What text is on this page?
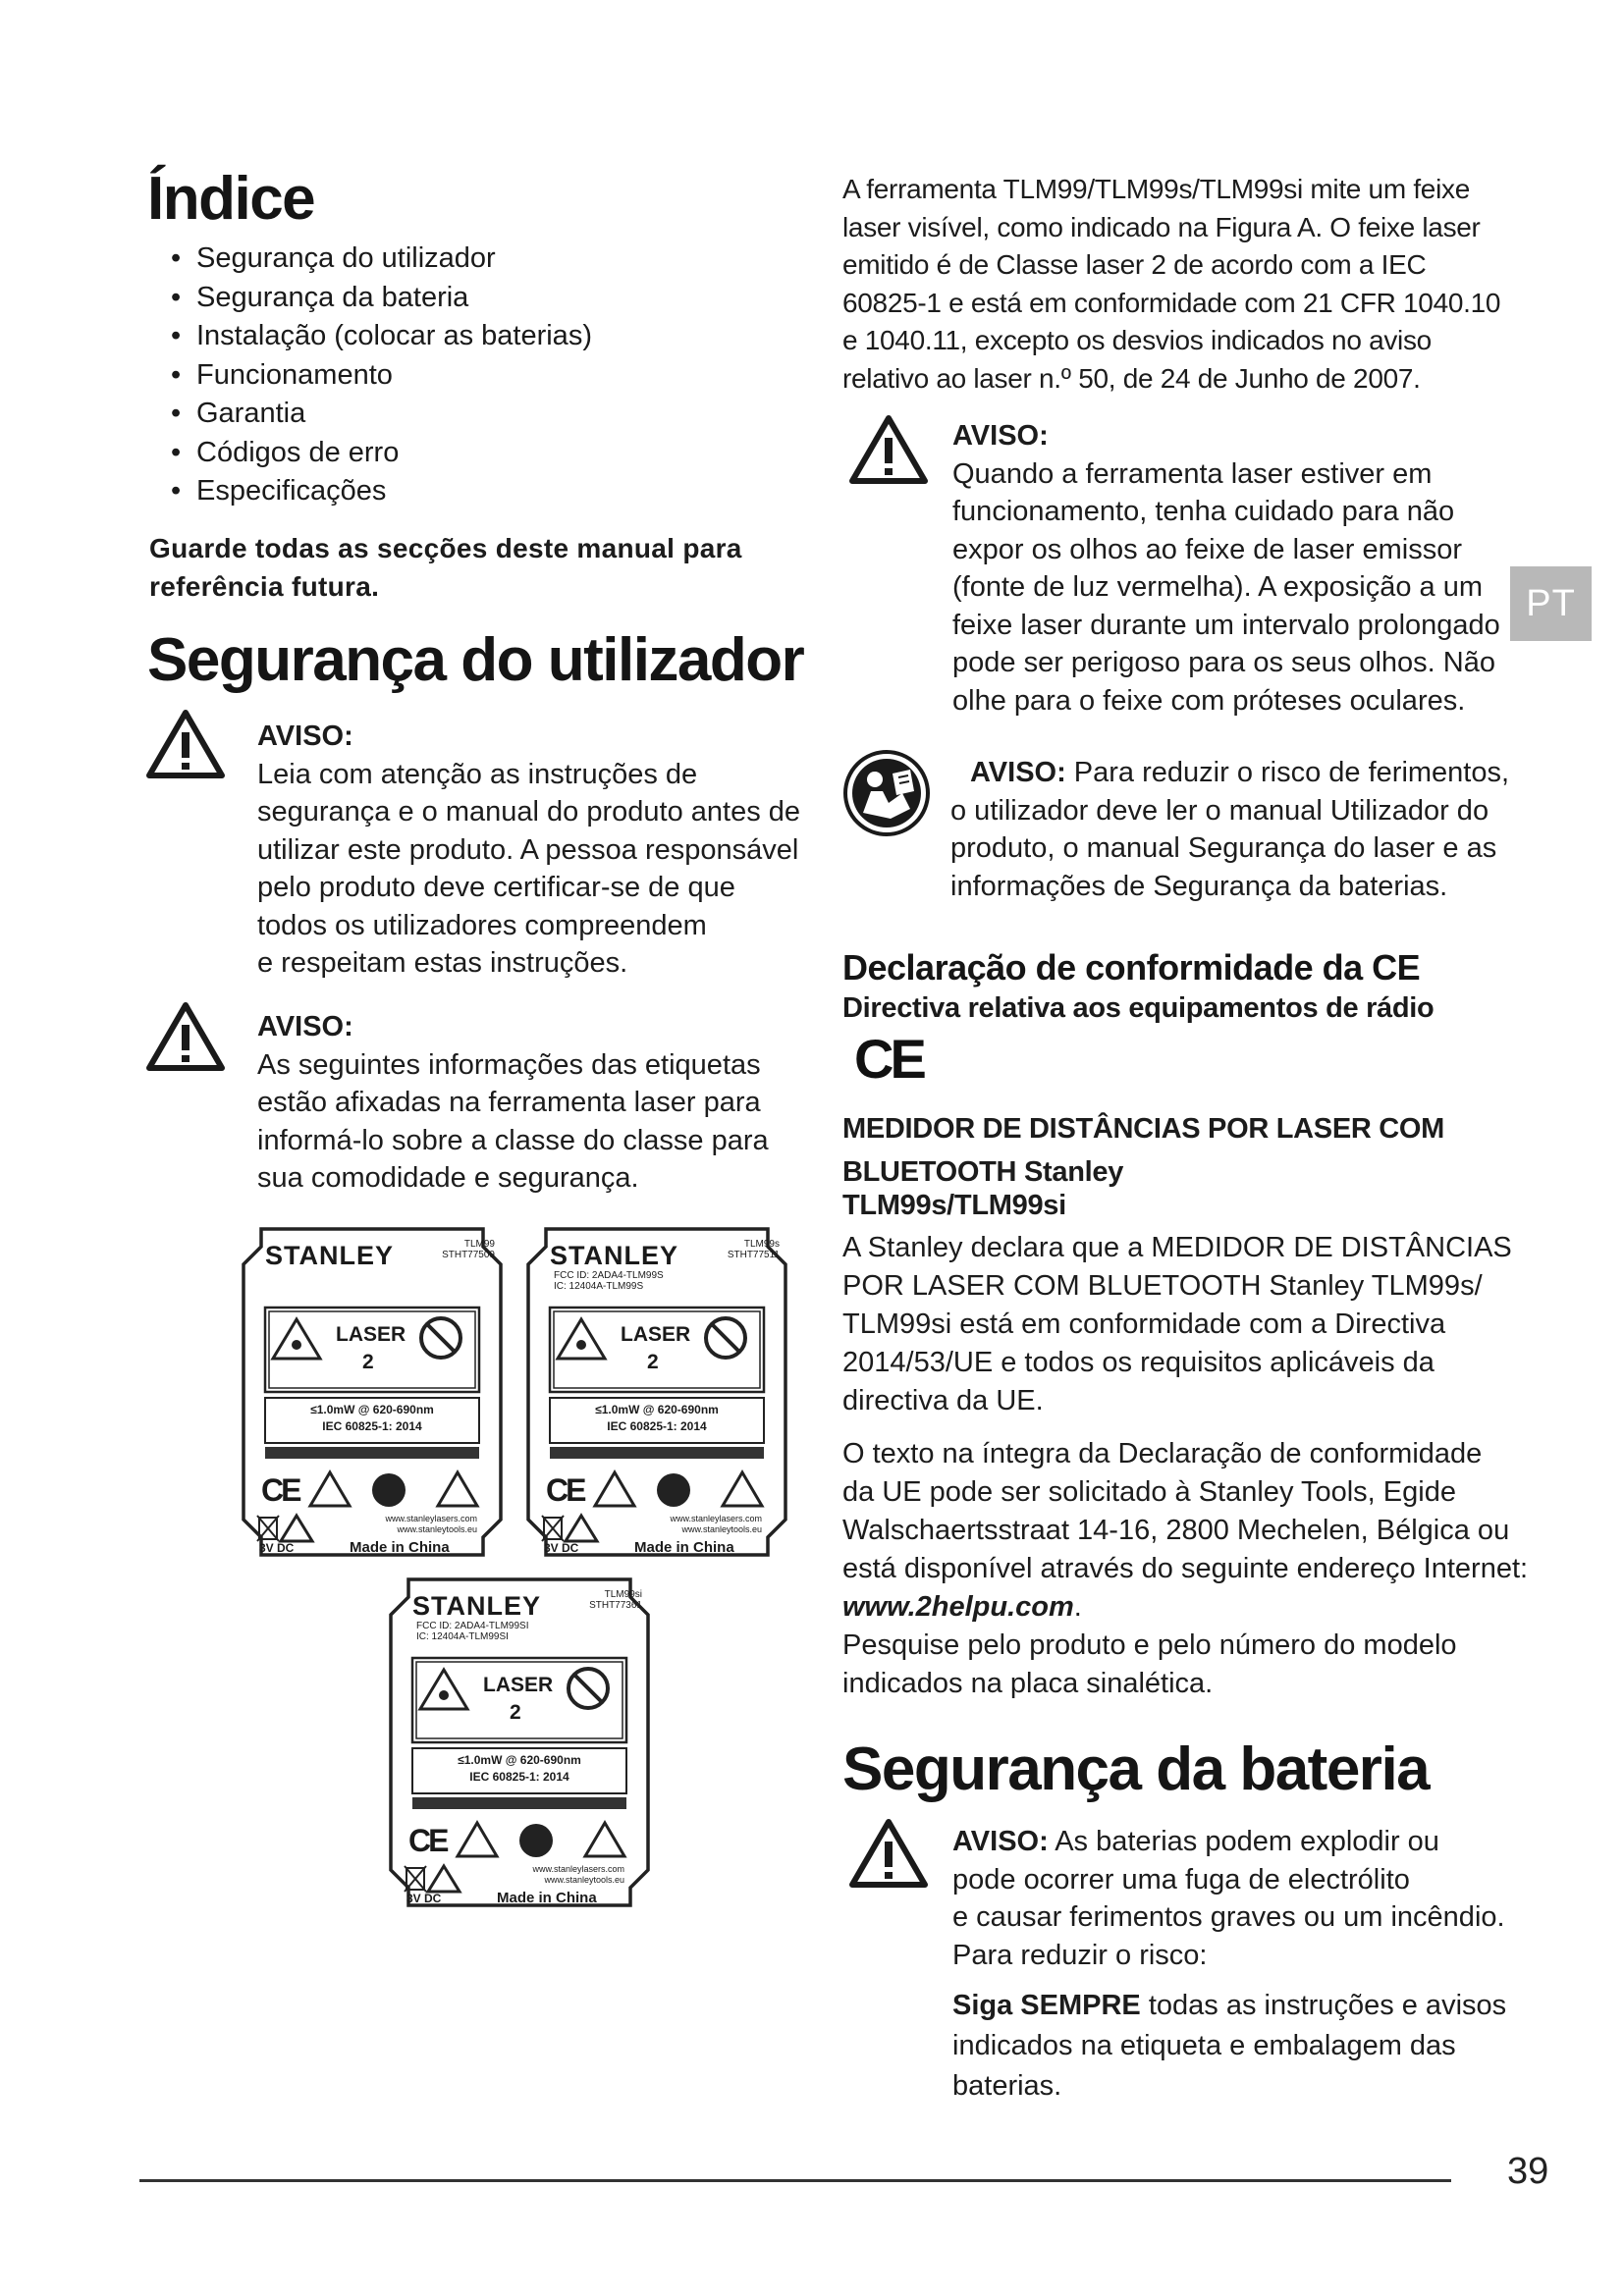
Índice
• Segurança do utilizador
• Segurança da bateria
• Instalação (colocar as baterias)
• Funcionamento
• Garantia
• Códigos de erro
• Especificações

Guarde todas as secções deste manual para

referência futura.

Segurança do utilizador

AVISO:

Leia com atenção as instruções de

segurança e o manual do produto antes de

utilizar este produto. A pessoa responsável

pelo produto deve certificar-se de que

todos os utilizadores compreendem

e respeitam estas instruções.

AVISO:

As seguintes informações das etiquetas

estão afixadas na ferramenta laser para

informá-lo sobre a classe do classe para

sua comodidade e segurança.

STANLEY	TLM99
STHT77509

LASER
2
≤1.0mW @ 620-690nm
IEC 60825-1: 2014
CE
www.stanleylasers.com
www.stanleytools.eu
3V DC	Made in China
STANLEY	TLM99s
STHT77511
FCC ID: 2ADA4-TLM99S
IC: 12404A-TLM99S
LASER
2
≤1.0mW @ 620-690nm
IEC 60825-1: 2014
CE
www.stanleylasers.com
www.stanleytools.eu
3V DC	Made in China
STANLEY	TLM99si
STHT77361
FCC ID: 2ADA4-TLM99SI
IC: 12404A-TLM99SI
LASER
2
≤1.0mW @ 620-690nm
IEC 60825-1: 2014
CE
www.stanleylasers.com
www.stanleytools.eu
3V DC	Made in China

A ferramenta TLM99/TLM99s/TLM99si mite um feixe

laser visível, como indicado na Figura A. O feixe laser

emitido é de Classe laser 2 de acordo com a IEC

60825-1 e está em conformidade com 21 CFR 1040.10

e 1040.11, excepto os desvios indicados no aviso

relativo ao laser n.º 50, de 24 de Junho de 2007.

AVISO:

Quando a ferramenta laser estiver em

funcionamento, tenha cuidado para não

expor os olhos ao feixe de laser emissor

(fonte de luz vermelha). A exposição a um

feixe laser durante um intervalo prolongado

pode ser perigoso para os seus olhos. Não

olhe para o feixe com próteses oculares.

AVISO: Para reduzir o risco de ferimentos,

o utilizador deve ler o manual Utilizador do

produto, o manual Segurança do laser e as

informações de Segurança da baterias.

Declaração de conformidade da CE
Directiva relativa aos equipamentos de rádio
CE

MEDIDOR DE DISTÂNCIAS POR LASER COM

BLUETOOTH Stanley

TLM99s/TLM99si

A Stanley declara que a MEDIDOR DE DISTÂNCIAS

POR LASER COM BLUETOOTH Stanley TLM99s/

TLM99si está em conformidade com a Directiva

2014/53/UE e todos os requisitos aplicáveis da

directiva da UE.

O texto na íntegra da Declaração de conformidade

da UE pode ser solicitado à Stanley Tools, Egide

Walschaertsstraat 14-16, 2800 Mechelen, Bélgica ou

está disponível através do seguinte endereço Internet:

www.2helpu.com.

Pesquise pelo produto e pelo número do modelo

indicados na placa sinalética.

Segurança da bateria

AVISO: As baterias podem explodir ou

pode ocorrer uma fuga de electrólito

e causar ferimentos graves ou um incêndio.

Para reduzir o risco:

Siga SEMPRE todas as instruções e avisos

indicados na etiqueta e embalagem das

baterias.

PT
39
